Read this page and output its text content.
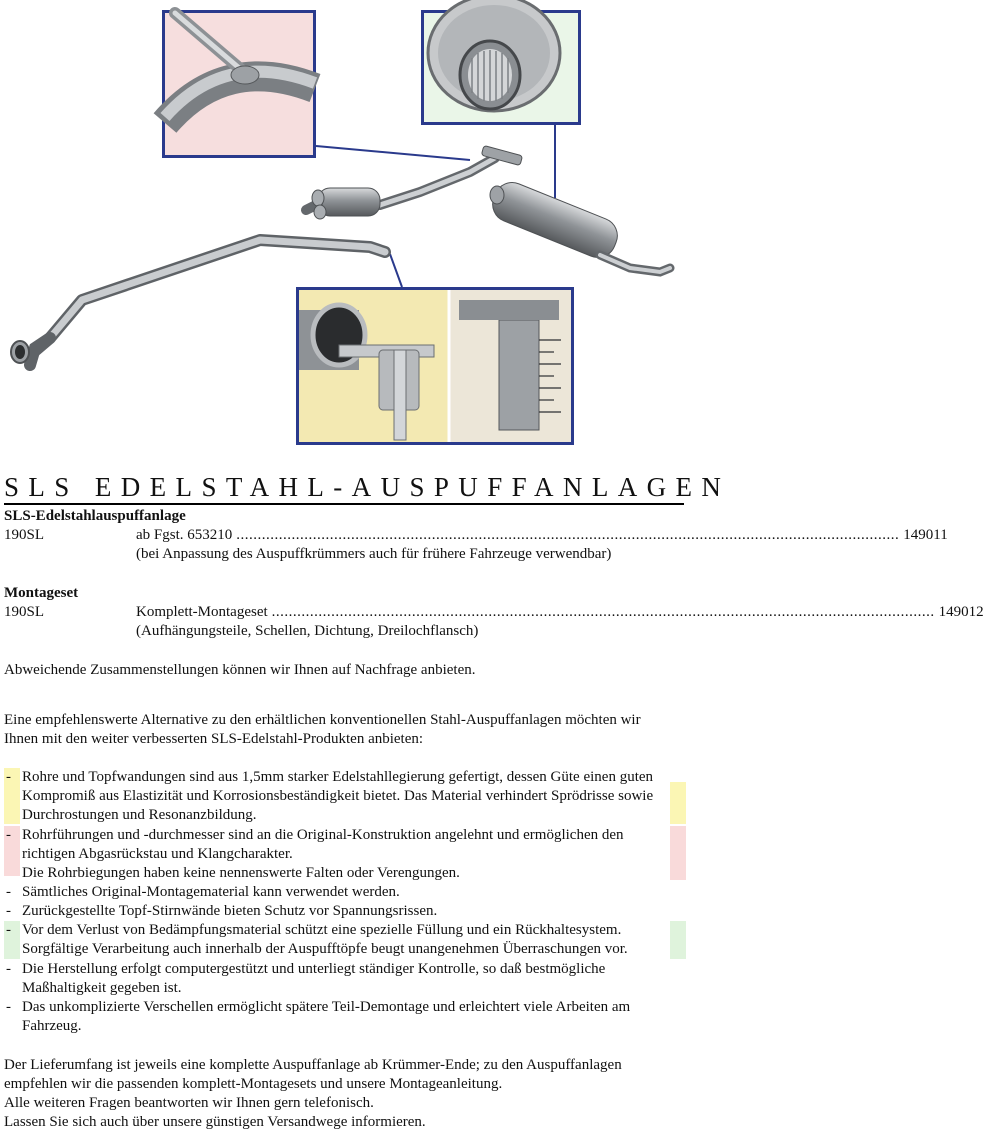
SLS EDELSTAHL-AUSPUFFANLAGEN
SLS-Edelstahlauspuffanlage
190SL	ab Fgst. 653210 ............................................................................................................................................................ 149011
(bei Anpassung des Auspuffkrümmers auch für frühere Fahrzeuge verwendbar)
Montageset
190SL	Komplett-Montageset ............................................................................................................................................................ 149012
(Aufhängungsteile, Schellen, Dichtung, Dreilochflansch)
Abweichende Zusammenstellungen können wir Ihnen auf Nachfrage anbieten.
Eine empfehlenswerte Alternative zu den erhältlichen konventionellen Stahl-Auspuffanlagen möchten wir
Ihnen mit den weiter verbesserten SLS-Edelstahl-Produkten anbieten:
- Rohre und Topfwandungen sind aus 1,5mm starker Edelstahllegierung gefertigt, dessen Güte einen guten
Kompromiß aus Elastizität und Korrosionsbeständigkeit bietet. Das Material verhindert Sprödrisse sowie
Durchrostungen und Resonanzbildung.
- Rohrführungen und -durchmesser sind an die Original-Konstruktion angelehnt und ermöglichen den
richtigen Abgasrückstau und Klangcharakter.
Die Rohrbiegungen haben keine nennenswerte Falten oder Verengungen.
- Sämtliches Original-Montagematerial kann verwendet werden.
- Zurückgestellte Topf-Stirnwände bieten Schutz vor Spannungsrissen.
- Vor dem Verlust von Bedämpfungsmaterial schützt eine spezielle Füllung und ein Rückhaltesystem.
Sorgfältige Verarbeitung auch innerhalb der Auspufftöpfe beugt unangenehmen Überraschungen vor.
- Die Herstellung erfolgt computergestützt und unterliegt ständiger Kontrolle, so daß bestmögliche
Maßhaltigkeit gegeben ist.
- Das unkomplizierte Verschellen ermöglicht spätere Teil-Demontage und erleichtert viele Arbeiten am
Fahrzeug.
Der Lieferumfang ist jeweils eine komplette Auspuffanlage ab Krümmer-Ende; zu den Auspuffanlagen
empfehlen wir die passenden komplett-Montagesets und unsere Montageanleitung.
Alle weiteren Fragen beantworten wir Ihnen gern telefonisch.
Lassen Sie sich auch über unsere günstigen Versandwege informieren.
